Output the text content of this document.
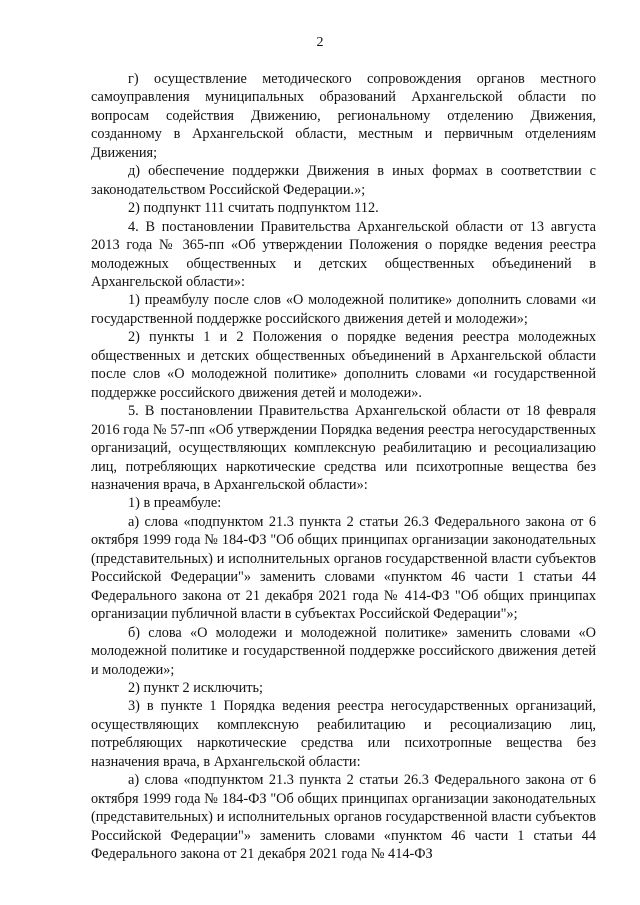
2

г) осуществление методического сопровождения органов местного самоуправления муниципальных образований Архангельской области по вопросам содействия Движению, региональному отделению Движения, созданному в Архангельской области, местным и первичным отделениям Движения;

д) обеспечение поддержки Движения в иных формах в соответствии с законодательством Российской Федерации.»;

2) подпункт 111 считать подпунктом 112.

4. В постановлении Правительства Архангельской области от 13 августа 2013 года № 365-пп «Об утверждении Положения о порядке ведения реестра молодежных общественных и детских общественных объединений в Архангельской области»:

1) преамбулу после слов «О молодежной политике» дополнить словами «и государственной поддержке российского движения детей и молодежи»;

2) пункты 1 и 2 Положения о порядке ведения реестра молодежных общественных и детских общественных объединений в Архангельской области после слов «О молодежной политике» дополнить словами «и государственной поддержке российского движения детей и молодежи».

5. В постановлении Правительства Архангельской области от 18 февраля 2016 года № 57-пп «Об утверждении Порядка ведения реестра негосударственных организаций, осуществляющих комплексную реабилитацию и ресоциализацию лиц, потребляющих наркотические средства или психотропные вещества без назначения врача, в Архангельской области»:

1) в преамбуле:

а) слова «подпунктом 21.3 пункта 2 статьи 26.3 Федерального закона от 6 октября 1999 года № 184-ФЗ "Об общих принципах организации законодательных (представительных) и исполнительных органов государственной власти субъектов Российской Федерации"» заменить словами «пунктом 46 части 1 статьи 44 Федерального закона от 21 декабря 2021 года № 414-ФЗ "Об общих принципах организации публичной власти в субъектах Российской Федерации"»;

б) слова «О молодежи и молодежной политике» заменить словами «О молодежной политике и государственной поддержке российского движения детей и молодежи»;

2) пункт 2 исключить;

3) в пункте 1 Порядка ведения реестра негосударственных организаций, осуществляющих комплексную реабилитацию и ресоциализацию лиц, потребляющих наркотические средства или психотропные вещества без назначения врача, в Архангельской области:

а) слова «подпунктом 21.3 пункта 2 статьи 26.3 Федерального закона от 6 октября 1999 года № 184-ФЗ "Об общих принципах организации законодательных (представительных) и исполнительных органов государственной власти субъектов Российской Федерации"» заменить словами «пунктом 46 части 1 статьи 44 Федерального закона от 21 декабря 2021 года № 414-ФЗ
